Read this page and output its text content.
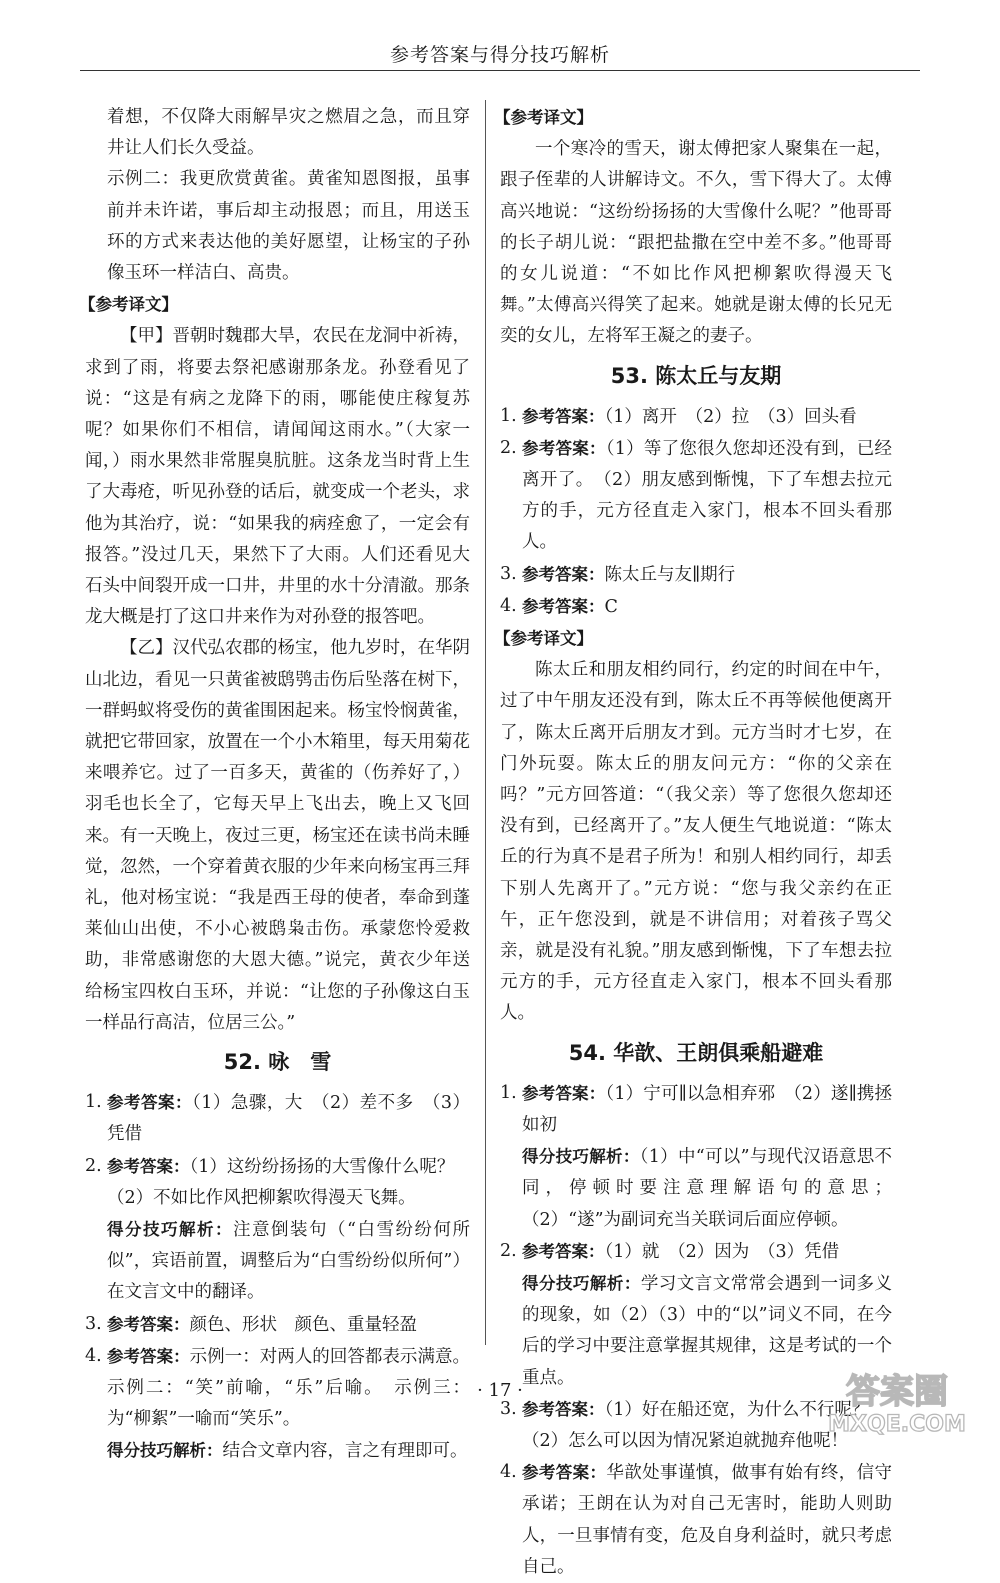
参考答案与得分技巧解析

着想，不仅降大雨解旱灾之燃眉之急，而且穿井让人们长久受益。

示例二：我更欣赏黄雀。黄雀知恩图报，虽事前并未许诺，事后却主动报恩；而且，用送玉环的方式来表达他的美好愿望，让杨宝的子孙像玉环一样洁白、高贵。

【参考译文】

【甲】晋朝时魏郡大旱，农民在龙洞中祈祷，求到了雨，将要去祭祀感谢那条龙。孙登看见了说：“这是有病之龙降下的雨，哪能使庄稼复苏呢？如果你们不相信，请闻闻这雨水。”（大家一闻，）雨水果然非常腥臭肮脏。这条龙当时背上生了大毒疮，听见孙登的话后，就变成一个老头，求他为其治疗，说：“如果我的病痊愈了，一定会有报答。”没过几天，果然下了大雨。人们还看见大石头中间裂开成一口井，井里的水十分清澈。那条龙大概是打了这口井来作为对孙登的报答吧。

【乙】汉代弘农郡的杨宝，他九岁时，在华阴山北边，看见一只黄雀被鸱鸮击伤后坠落在树下，一群蚂蚁将受伤的黄雀围困起来。杨宝怜悯黄雀，就把它带回家，放置在一个小木箱里，每天用菊花来喂养它。过了一百多天，黄雀的（伤养好了，）羽毛也长全了，它每天早上飞出去，晚上又飞回来。有一天晚上，夜过三更，杨宝还在读书尚未睡觉，忽然，一个穿着黄衣服的少年来向杨宝再三拜礼，他对杨宝说：“我是西王母的使者，奉命到蓬莱仙山出使，不小心被鸱枭击伤。承蒙您怜爱救助，非常感谢您的大恩大德。”说完，黄衣少年送给杨宝四枚白玉环，并说：“让您的子孙像这白玉一样品行高洁，位居三公。”

52. 咏　雪
1. 参考答案：（1）急骤，大　（2）差不多　（3）凭借

2. 参考答案：（1）这纷纷扬扬的大雪像什么呢？

（2）不如比作风把柳絮吹得漫天飞舞。

得分技巧解析：注意倒装句（“白雪纷纷何所似”，宾语前置，调整后为“白雪纷纷似所何”）在文言文中的翻译。

3. 参考答案：颜色、形状　颜色、重量轻盈

4. 参考答案：示例一：对两人的回答都表示满意。示例二：“笑”前喻，“乐”后喻。　示例三：为“柳絮”一喻而“笑乐”。

得分技巧解析：结合文章内容，言之有理即可。

【参考译文】

一个寒冷的雪天，谢太傅把家人聚集在一起，跟子侄辈的人讲解诗文。不久，雪下得大了。太傅高兴地说：“这纷纷扬扬的大雪像什么呢？”他哥哥的长子胡儿说：“跟把盐撒在空中差不多。”他哥哥的女儿说道：“不如比作风把柳絮吹得漫天飞舞。”太傅高兴得笑了起来。她就是谢太傅的长兄无奕的女儿，左将军王凝之的妻子。

53. 陈太丘与友期
1. 参考答案：（1）离开　（2）拉　（3）回头看

2. 参考答案：（1）等了您很久您却还没有到，已经离开了。　（2）朋友感到惭愧，下了车想去拉元方的手，元方径直走入家门，根本不回头看那人。

3. 参考答案：陈太丘与友∥期行

4. 参考答案：C

【参考译文】

陈太丘和朋友相约同行，约定的时间在中午，过了中午朋友还没有到，陈太丘不再等候他便离开了，陈太丘离开后朋友才到。元方当时才七岁，在门外玩耍。陈太丘的朋友问元方：“你的父亲在吗？”元方回答道：“（我父亲）等了您很久您却还没有到，已经离开了。”友人便生气地说道：“陈太丘的行为真不是君子所为！和别人相约同行，却丢下别人先离开了。”元方说：“您与我父亲约在正午，正午您没到，就是不讲信用；对着孩子骂父亲，就是没有礼貌。”朋友感到惭愧，下了车想去拉元方的手，元方径直走入家门，根本不回头看那人。

54. 华歆、王朗俱乘船避难
1. 参考答案：（1）宁可∥以急相弃邪　（2）遂∥携拯如初

得分技巧解析：（1）中“可以”与现代汉语意思不同，停顿时要注意理解语句的意思；（2）“遂”为副词充当关联词后面应停顿。

2. 参考答案：（1）就　（2）因为　（3）凭借

得分技巧解析：学习文言文常常会遇到一词多义的现象，如（2）（3）中的“以”词义不同，在今后的学习中要注意掌握其规律，这是考试的一个重点。

3. 参考答案：（1）好在船还宽，为什么不行呢？

（2）怎么可以因为情况紧迫就抛弃他呢！

4. 参考答案：华歆处事谨慎，做事有始有终，信守承诺；王朗在认为对自己无害时，能助人则助人，一旦事情有变，危及自身利益时，就只考虑自己。

· 17 ·	答案圈
MXQE.COM
